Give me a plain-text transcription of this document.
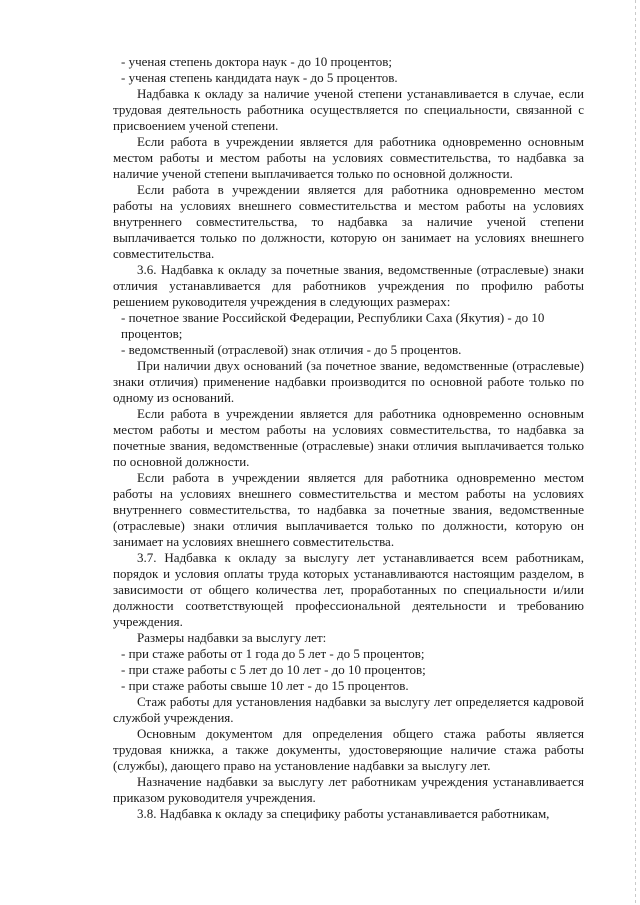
- ученая степень доктора наук - до 10 процентов;

- ученая степень кандидата наук - до 5 процентов.

Надбавка к окладу за наличие ученой степени устанавливается в случае, если трудовая деятельность работника осуществляется по специальности, связанной с присвоением ученой степени.

Если работа в учреждении является для работника одновременно основным местом работы и местом работы на условиях совместительства, то надбавка за наличие ученой степени выплачивается только по основной должности.

Если работа в учреждении является для работника одновременно местом работы на условиях внешнего совместительства и местом работы на условиях внутреннего совместительства, то надбавка за наличие ученой степени выплачивается только по должности, которую он занимает на условиях внешнего совместительства.

3.6. Надбавка к окладу за почетные звания, ведомственные (отраслевые) знаки отличия устанавливается для работников учреждения по профилю работы решением руководителя учреждения в следующих размерах:

- почетное звание Российской Федерации, Республики Саха (Якутия) - до 10 процентов;

- ведомственный (отраслевой) знак отличия - до 5 процентов.

При наличии двух оснований (за почетное звание, ведомственные (отраслевые) знаки отличия) применение надбавки производится по основной работе только по одному из оснований.

Если работа в учреждении является для работника одновременно основным местом работы и местом работы на условиях совместительства, то надбавка за почетные звания, ведомственные (отраслевые) знаки отличия выплачивается только по основной должности.

Если работа в учреждении является для работника одновременно местом работы на условиях внешнего совместительства и местом работы на условиях внутреннего совместительства, то надбавка за почетные звания, ведомственные (отраслевые) знаки отличия выплачивается только по должности, которую он занимает на условиях внешнего совместительства.

3.7. Надбавка к окладу за выслугу лет устанавливается всем работникам, порядок и условия оплаты труда которых устанавливаются настоящим разделом, в зависимости от общего количества лет, проработанных по специальности и/или должности соответствующей профессиональной деятельности и требованию учреждения.

Размеры надбавки за выслугу лет:

- при стаже работы от 1 года до 5 лет - до 5 процентов;

- при стаже работы с 5 лет до 10 лет - до 10 процентов;

- при стаже работы свыше 10 лет - до 15 процентов.

Стаж работы для установления надбавки за выслугу лет определяется кадровой службой учреждения.

Основным документом для определения общего стажа работы является трудовая книжка, а также документы, удостоверяющие наличие стажа работы (службы), дающего право на установление надбавки за выслугу лет.

Назначение надбавки за выслугу лет работникам учреждения устанавливается приказом руководителя учреждения.

3.8. Надбавка к окладу за специфику работы устанавливается работникам,
